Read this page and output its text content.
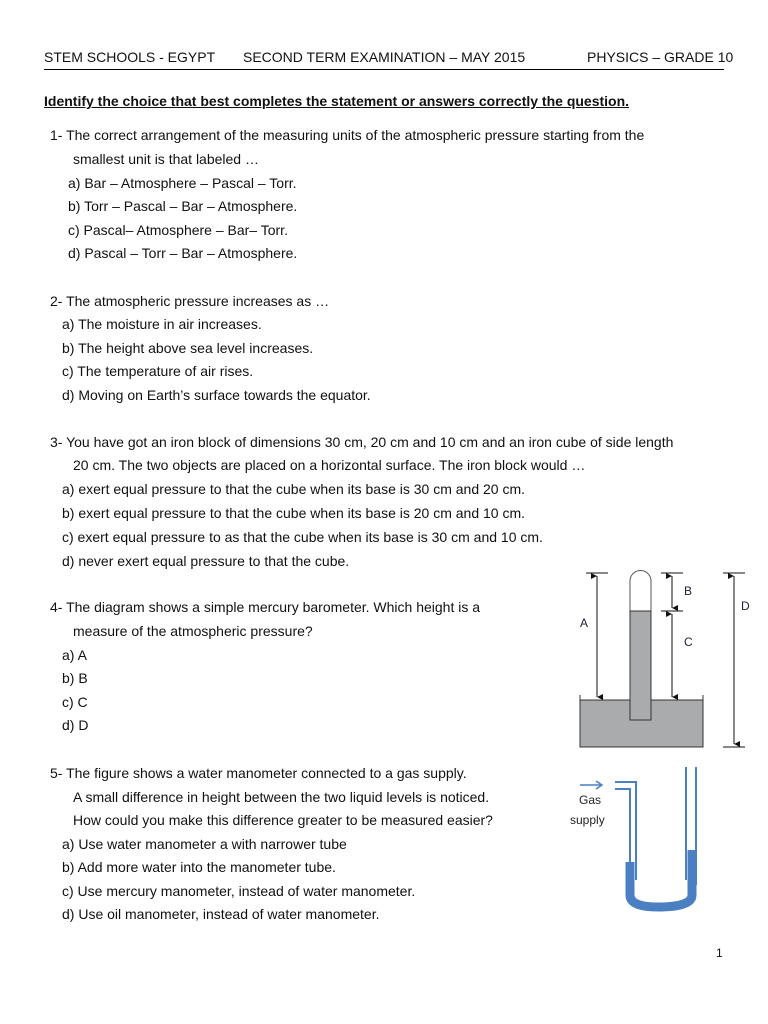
STEM SCHOOLS - EGYPT SECOND TERM EXAMINATION – MAY 2015	PHYSICS – GRADE 10
Identify the choice that best completes the statement or answers correctly the question.
1- The correct arrangement of the measuring units of the atmospheric pressure starting from the
smallest unit is that labeled …
a) Bar – Atmosphere – Pascal – Torr.
b) Torr – Pascal – Bar – Atmosphere.
c) Pascal– Atmosphere – Bar– Torr.
d) Pascal – Torr – Bar – Atmosphere.
2- The atmospheric pressure increases as …
a) The moisture in air increases.
b) The height above sea level increases.
c) The temperature of air rises.
d) Moving on Earth’s surface towards the equator.
3- You have got an iron block of dimensions 30 cm, 20 cm and 10 cm and an iron cube of side length
20 cm. The two objects are placed on a horizontal surface. The iron block would …
a) exert equal pressure to that the cube when its base is 30 cm and 20 cm.
b) exert equal pressure to that the cube when its base is 20 cm and 10 cm.
c) exert equal pressure to as that the cube when its base is 30 cm and 10 cm.
d) never exert equal pressure to that the cube.
4- The diagram shows a simple mercury barometer. Which height is a
measure of the atmospheric pressure?
a) A
b) B
c) C
d) D
5- The figure shows a water manometer connected to a gas supply.
A small difference in height between the two liquid levels is noticed.
How could you make this difference greater to be measured easier?
a) Use water manometer a with narrower tube
b) Add more water into the manometer tube.
c) Use mercury manometer, instead of water manometer.
d) Use oil manometer, instead of water manometer.
A
B
C
D
Gas
supply
1
